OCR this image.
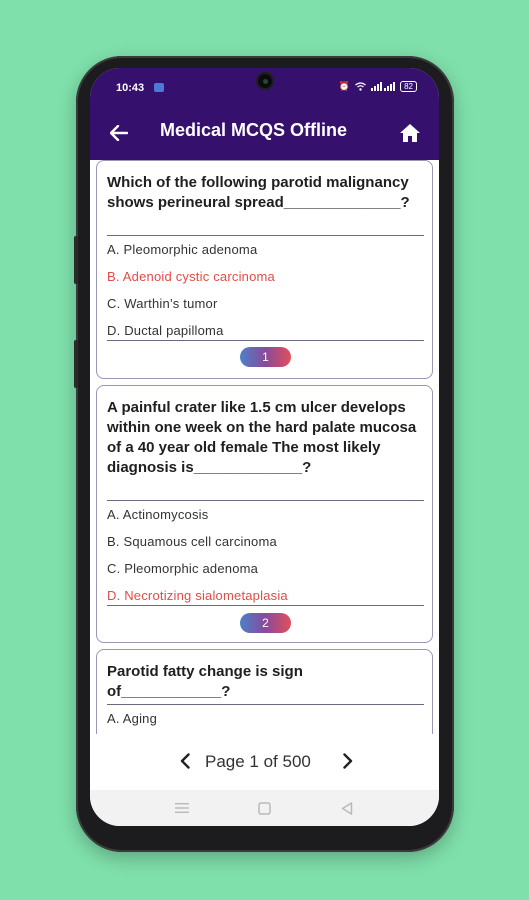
10:43	⏰	82
Medical MCQS Offline
Which of the following parotid malignancy shows perineural spread______________?
A. Pleomorphic adenoma
B. Adenoid cystic carcinoma
C. Warthin’s tumor
D. Ductal papilloma
1
A painful crater like 1.5 cm ulcer develops within one week on the hard palate mucosa of a 40 year old female The most likely diagnosis is_____________?
A. Actinomycosis
B. Squamous cell carcinoma
C. Pleomorphic adenoma
D. Necrotizing sialometaplasia
2
Parotid fatty change is sign of____________?
A. Aging
Page 1 of 500
